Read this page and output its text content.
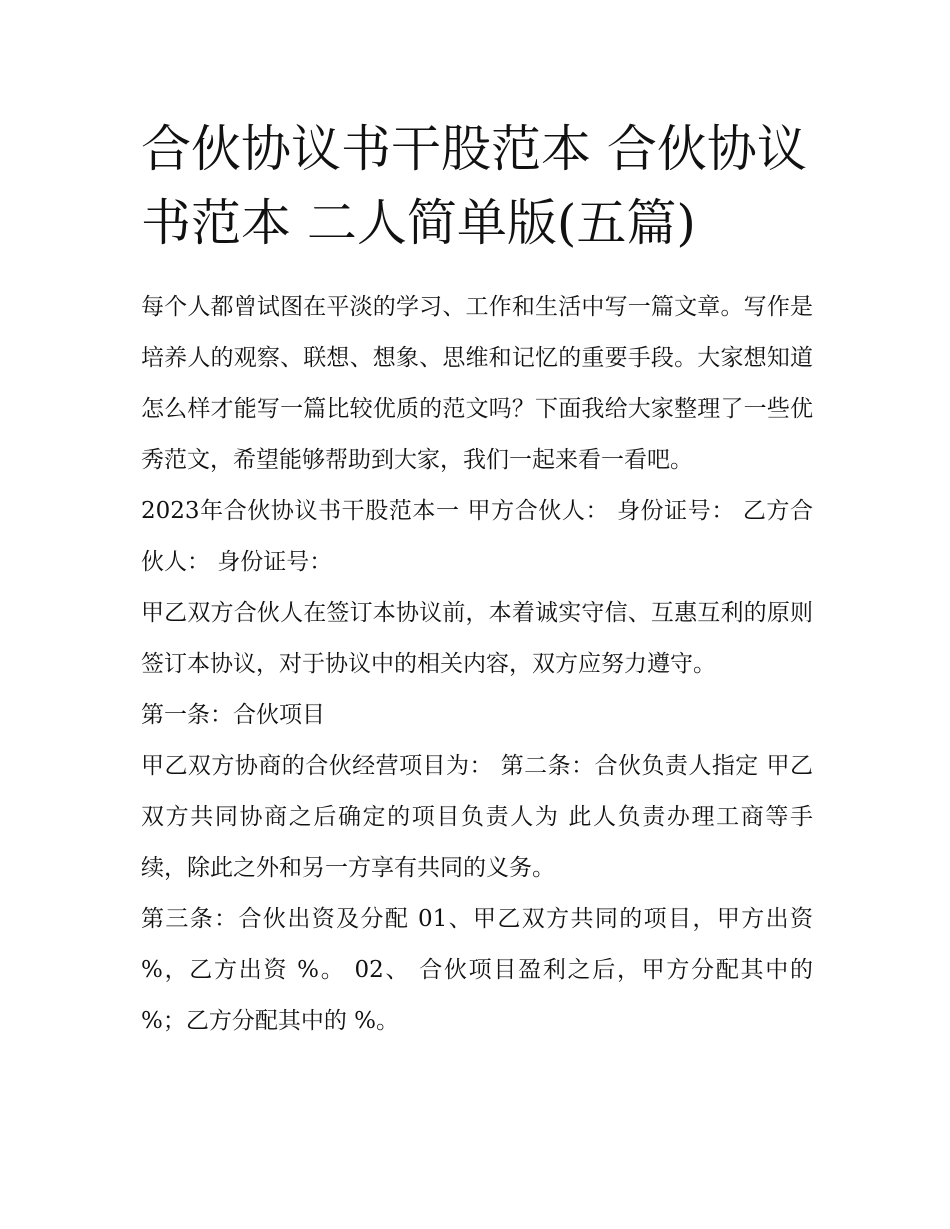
合伙协议书干股范本 合伙协议书范本 二人简单版(五篇)

每个人都曾试图在平淡的学习、工作和生活中写一篇文章。写作是培养人的观察、联想、想象、思维和记忆的重要手段。大家想知道怎么样才能写一篇比较优质的范文吗？下面我给大家整理了一些优秀范文，希望能够帮助到大家，我们一起来看一看吧。

2023年合伙协议书干股范本一 甲方合伙人： 身份证号： 乙方合伙人： 身份证号：

甲乙双方合伙人在签订本协议前，本着诚实守信、互惠互利的原则签订本协议，对于协议中的相关内容，双方应努力遵守。

第一条：合伙项目

甲乙双方协商的合伙经营项目为： 第二条：合伙负责人指定 甲乙双方共同协商之后确定的项目负责人为 此人负责办理工商等手续，除此之外和另一方享有共同的义务。

第三条：合伙出资及分配 01、甲乙双方共同的项目，甲方出资 %，乙方出资 %。 02、 合伙项目盈利之后，甲方分配其中的 %；乙方分配其中的 %。
